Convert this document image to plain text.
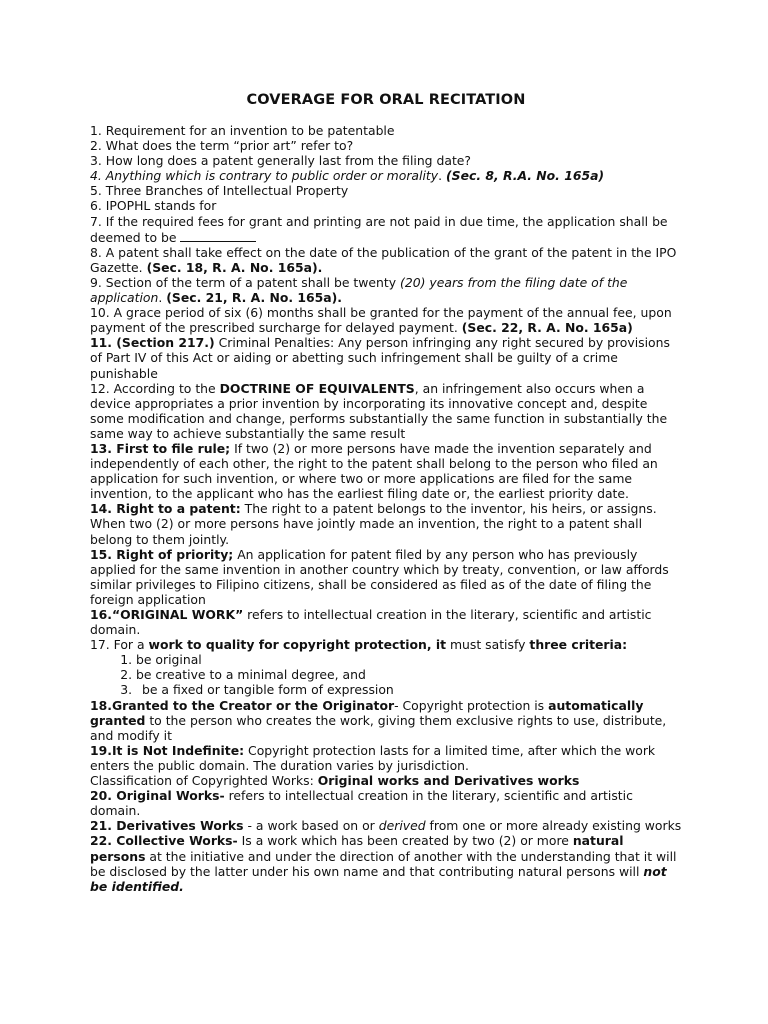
COVERAGE FOR ORAL RECITATION

1. Requirement for an invention to be patentable

2. What does the term “prior art” refer to?

3. How long does a patent generally last from the filing date?

4. Anything which is contrary to public order or morality. (Sec. 8, R.A. No. 165a)

5. Three Branches of Intellectual Property

6. IPOPHL stands for

7. If the required fees for grant and printing are not paid in due time, the application shall be deemed to be

8. A patent shall take effect on the date of the publication of the grant of the patent in the IPO Gazette. (Sec. 18, R. A. No. 165a).

9. Section of the term of a patent shall be twenty (20) years from the filing date of the application. (Sec. 21, R. A. No. 165a).

10. A grace period of six (6) months shall be granted for the payment of the annual fee, upon payment of the prescribed surcharge for delayed payment. (Sec. 22, R. A. No. 165a)

11. (Section 217.) Criminal Penalties: Any person infringing any right secured by provisions of Part IV of this Act or aiding or abetting such infringement shall be guilty of a crime punishable

12. According to the DOCTRINE OF EQUIVALENTS, an infringement also occurs when a device appropriates a prior invention by incorporating its innovative concept and, despite some modification and change, performs substantially the same function in substantially the same way to achieve substantially the same result

13. First to file rule; If two (2) or more persons have made the invention separately and independently of each other, the right to the patent shall belong to the person who filed an application for such invention, or where two or more applications are filed for the same invention, to the applicant who has the earliest filing date or, the earliest priority date.

14. Right to a patent: The right to a patent belongs to the inventor, his heirs, or assigns. When two (2) or more persons have jointly made an invention, the right to a patent shall belong to them jointly.

15. Right of priority; An application for patent filed by any person who has previously applied for the same invention in another country which by treaty, convention, or law affords similar privileges to Filipino citizens, shall be considered as filed as of the date of filing the foreign application

16.“ORIGINAL WORK” refers to intellectual creation in the literary, scientific and artistic domain.

17. For a work to quality for copyright protection, it must satisfy three criteria:

1. be original
2. be creative to a minimal degree, and
3. be a fixed or tangible form of expression

18.Granted to the Creator or the Originator- Copyright protection is automatically granted to the person who creates the work, giving them exclusive rights to use, distribute, and modify it

19.It is Not Indefinite: Copyright protection lasts for a limited time, after which the work enters the public domain. The duration varies by jurisdiction.

Classification of Copyrighted Works: Original works and Derivatives works

20. Original Works- refers to intellectual creation in the literary, scientific and artistic domain.

21. Derivatives Works - a work based on or derived from one or more already existing works

22. Collective Works- Is a work which has been created by two (2) or more natural persons at the initiative and under the direction of another with the understanding that it will be disclosed by the latter under his own name and that contributing natural persons will not be identified.
